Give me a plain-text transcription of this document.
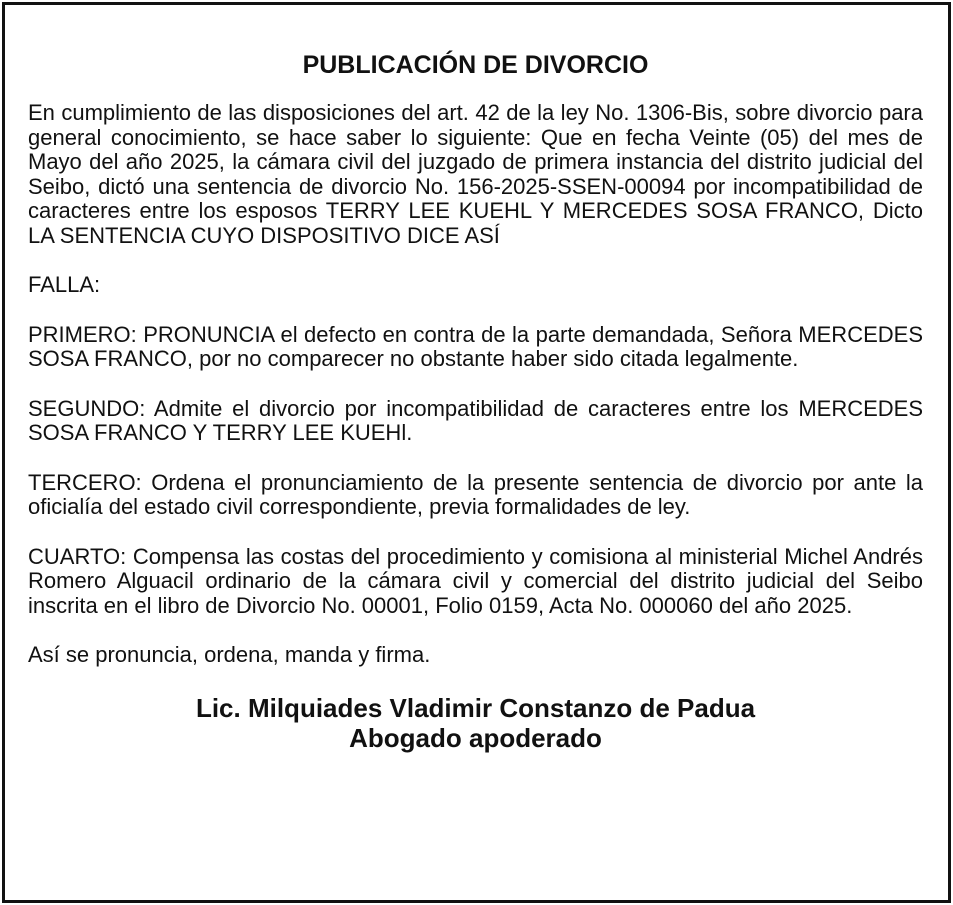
PUBLICACIÓN DE DIVORCIO

En cumplimiento de las disposiciones del art. 42 de la ley No. 1306-Bis, sobre divorcio para general conocimiento, se hace saber lo siguiente: Que en fecha Veinte (05) del mes de Mayo del año 2025, la cámara civil del juzgado de primera instancia del distrito judicial del Seibo, dictó una sentencia de divorcio No. 156-2025-SSEN-00094 por incompatibilidad de caracteres entre los esposos TERRY LEE KUEHL Y MERCEDES SOSA FRANCO, Dicto LA SENTENCIA CUYO DISPOSITIVO DICE ASÍ

FALLA:

PRIMERO: PRONUNCIA el defecto en contra de la parte demandada, Señora MERCEDES SOSA FRANCO, por no comparecer no obstante haber sido citada legalmente.

SEGUNDO: Admite el divorcio por incompatibilidad de caracteres entre los MERCEDES SOSA FRANCO Y TERRY LEE KUEHl.

TERCERO: Ordena el pronunciamiento de la presente sentencia de divorcio por ante la oficialía del estado civil correspondiente, previa formalidades de ley.

CUARTO: Compensa las costas del procedimiento y comisiona al ministerial Michel Andrés Romero Alguacil ordinario de la cámara civil y comercial del distrito judicial del Seibo inscrita en el libro de Divorcio No. 00001, Folio 0159, Acta No. 000060 del año 2025.

Así se pronuncia, ordena, manda y firma.

Lic. Milquiades Vladimir Constanzo de Padua
Abogado apoderado
